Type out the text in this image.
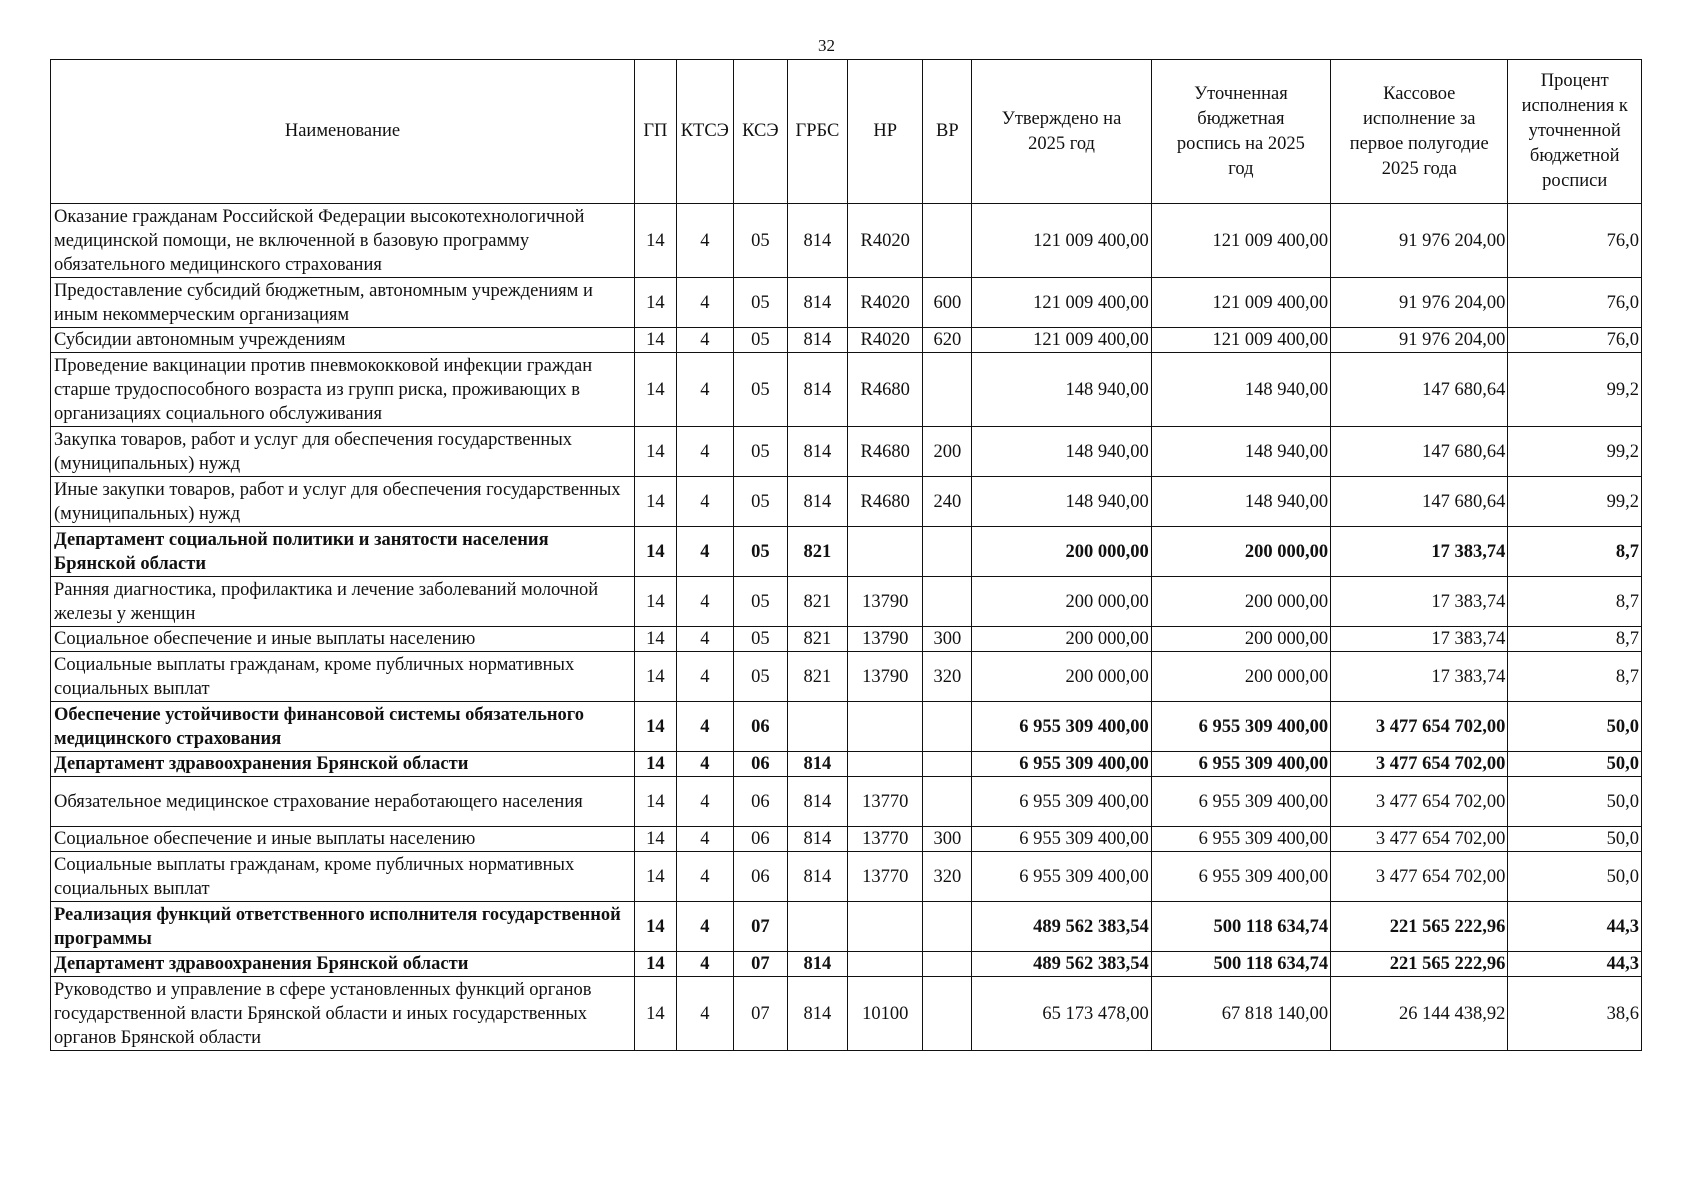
32
Наименование	ГП	КТСЭ	КСЭ	ГРБС	НР	ВР	Утверждено на 2025 год	Уточненная бюджетная роспись на 2025 год	Кассовое исполнение за первое полугодие 2025 года	Процент исполнения к уточненной бюджетной росписи
Оказание гражданам Российской Федерации высокотехнологичной медицинской помощи, не включенной в базовую программу обязательного медицинского страхования	14	4	05	814	R4020		121 009 400,00	121 009 400,00	91 976 204,00	76,0
Предоставление субсидий бюджетным, автономным учреждениям и иным некоммерческим организациям	14	4	05	814	R4020	600	121 009 400,00	121 009 400,00	91 976 204,00	76,0
Субсидии автономным учреждениям	14	4	05	814	R4020	620	121 009 400,00	121 009 400,00	91 976 204,00	76,0
Проведение вакцинации против пневмококковой инфекции граждан старше трудоспособного возраста из групп риска, проживающих в организациях социального обслуживания	14	4	05	814	R4680		148 940,00	148 940,00	147 680,64	99,2
Закупка товаров, работ и услуг для обеспечения государственных (муниципальных) нужд	14	4	05	814	R4680	200	148 940,00	148 940,00	147 680,64	99,2
Иные закупки товаров, работ и услуг для обеспечения государственных (муниципальных) нужд	14	4	05	814	R4680	240	148 940,00	148 940,00	147 680,64	99,2
Департамент социальной политики и занятости населения Брянской области	14	4	05	821			200 000,00	200 000,00	17 383,74	8,7
Ранняя диагностика, профилактика и лечение заболеваний молочной железы у женщин	14	4	05	821	13790		200 000,00	200 000,00	17 383,74	8,7
Социальное обеспечение и иные выплаты населению	14	4	05	821	13790	300	200 000,00	200 000,00	17 383,74	8,7
Социальные выплаты гражданам, кроме публичных нормативных социальных выплат	14	4	05	821	13790	320	200 000,00	200 000,00	17 383,74	8,7
Обеспечение устойчивости финансовой системы обязательного медицинского страхования	14	4	06				6 955 309 400,00	6 955 309 400,00	3 477 654 702,00	50,0
Департамент здравоохранения Брянской области	14	4	06	814			6 955 309 400,00	6 955 309 400,00	3 477 654 702,00	50,0
Обязательное медицинское страхование неработающего населения	14	4	06	814	13770		6 955 309 400,00	6 955 309 400,00	3 477 654 702,00	50,0
Социальное обеспечение и иные выплаты населению	14	4	06	814	13770	300	6 955 309 400,00	6 955 309 400,00	3 477 654 702,00	50,0
Социальные выплаты гражданам, кроме публичных нормативных социальных выплат	14	4	06	814	13770	320	6 955 309 400,00	6 955 309 400,00	3 477 654 702,00	50,0
Реализация функций ответственного исполнителя государственной программы	14	4	07				489 562 383,54	500 118 634,74	221 565 222,96	44,3
Департамент здравоохранения Брянской области	14	4	07	814			489 562 383,54	500 118 634,74	221 565 222,96	44,3
Руководство и управление в сфере установленных функций органов государственной власти Брянской области и иных государственных органов Брянской области	14	4	07	814	10100		65 173 478,00	67 818 140,00	26 144 438,92	38,6
